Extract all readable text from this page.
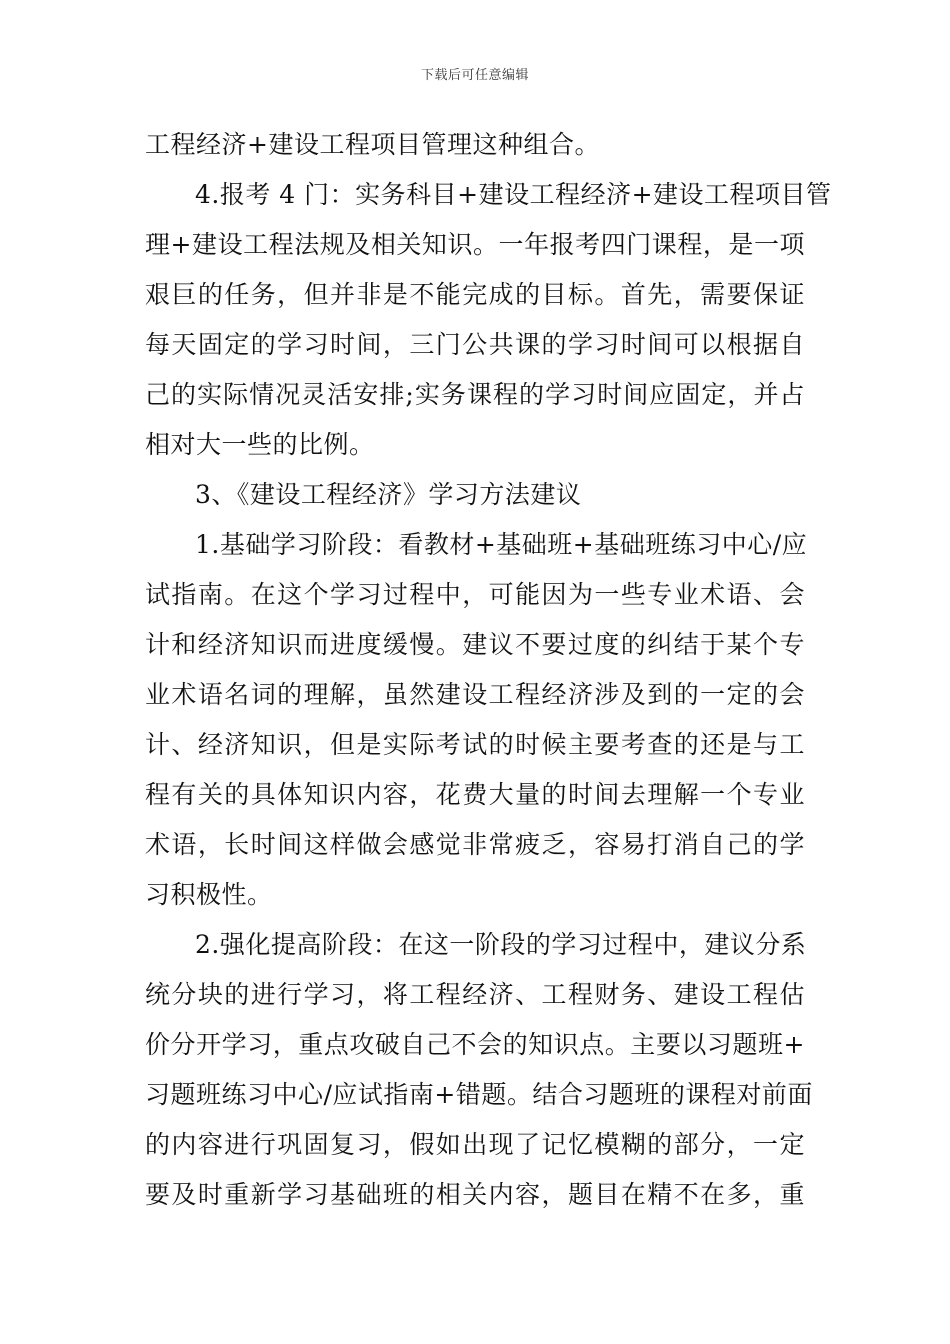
下载后可任意编辑
工程经济+建设工程项目管理这种组合。
4.报考 4 门：实务科目+建设工程经济+建设工程项目管
理+建设工程法规及相关知识。一年报考四门课程，是一项
艰巨的任务，但并非是不能完成的目标。首先，需要保证
每天固定的学习时间，三门公共课的学习时间可以根据自
己的实际情况灵活安排;实务课程的学习时间应固定，并占
相对大一些的比例。
3、《建设工程经济》学习方法建议
1.基础学习阶段：看教材+基础班+基础班练习中心/应
试指南。在这个学习过程中，可能因为一些专业术语、会
计和经济知识而进度缓慢。建议不要过度的纠结于某个专
业术语名词的理解，虽然建设工程经济涉及到的一定的会
计、经济知识，但是实际考试的时候主要考查的还是与工
程有关的具体知识内容，花费大量的时间去理解一个专业
术语，长时间这样做会感觉非常疲乏，容易打消自己的学
习积极性。
2.强化提高阶段：在这一阶段的学习过程中，建议分系
统分块的进行学习，将工程经济、工程财务、建设工程估
价分开学习，重点攻破自己不会的知识点。主要以习题班+
习题班练习中心/应试指南+错题。结合习题班的课程对前面
的内容进行巩固复习，假如出现了记忆模糊的部分，一定
要及时重新学习基础班的相关内容，题目在精不在多，重
